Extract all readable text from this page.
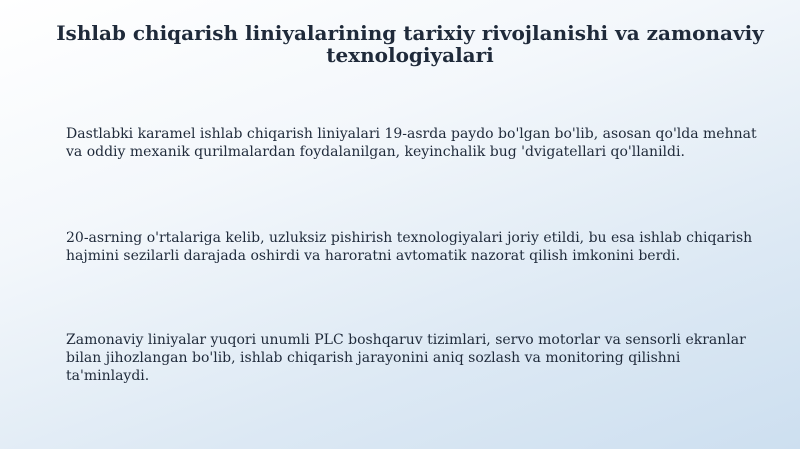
Ishlab chiqarish liniyalarining tarixiy rivojlanishi va zamonaviy texnologiyalari

Dastlabki karamel ishlab chiqarish liniyalari 19-asrda paydo bo'lgan bo'lib, asosan qo'lda mehnat va oddiy mexanik qurilmalardan foydalanilgan, keyinchalik bug 'dvigatellari qo'llanildi.

20-asrning o'rtalariga kelib, uzluksiz pishirish texnologiyalari joriy etildi, bu esa ishlab chiqarish hajmini sezilarli darajada oshirdi va haroratni avtomatik nazorat qilish imkonini berdi.

Zamonaviy liniyalar yuqori unumli PLC boshqaruv tizimlari, servo motorlar va sensorli ekranlar bilan jihozlangan bo'lib, ishlab chiqarish jarayonini aniq sozlash va monitoring qilishni ta'minlaydi.
